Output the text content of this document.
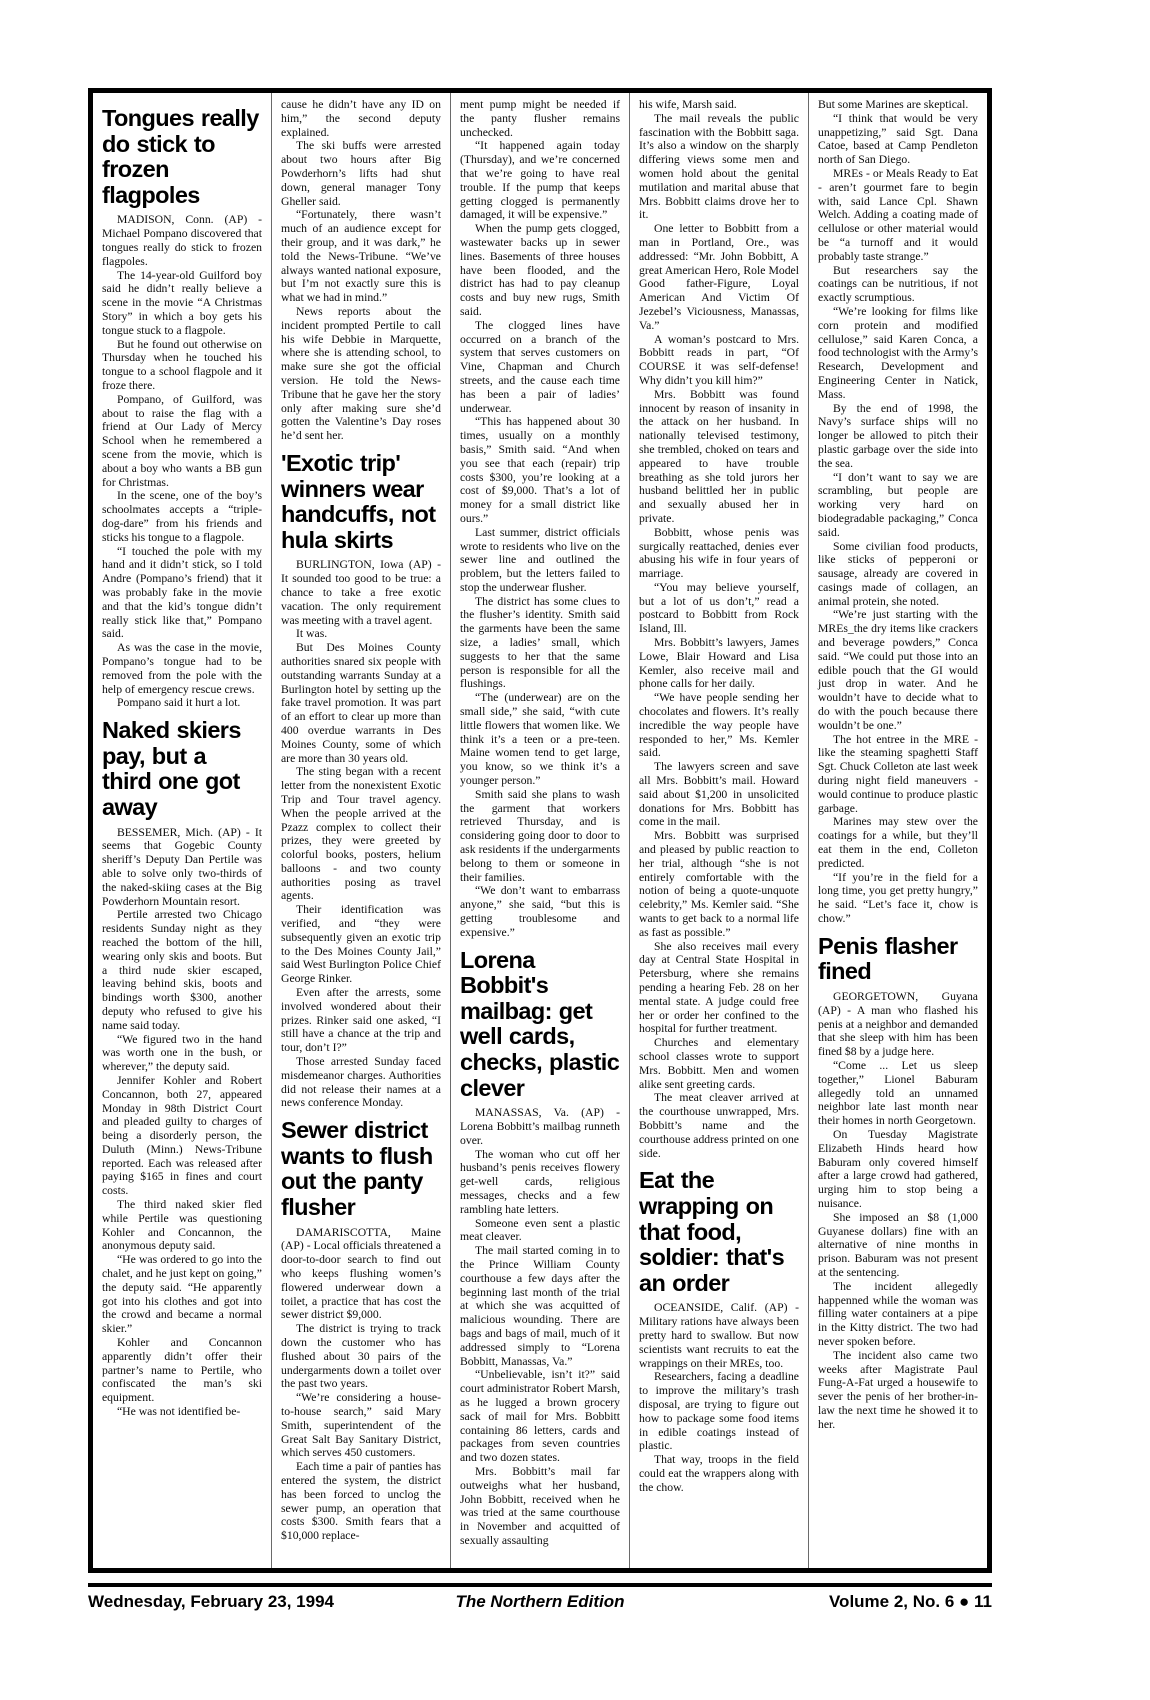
Tongues really do stick to frozen flagpoles

MADISON, Conn. (AP) - Michael Pompano discovered that tongues really do stick to frozen flagpoles.

The 14-year-old Guilford boy said he didn’t really believe a scene in the movie “A Christmas Story” in which a boy gets his tongue stuck to a flagpole.

But he found out otherwise on Thursday when he touched his tongue to a school flagpole and it froze there.

Pompano, of Guilford, was about to raise the flag with a friend at Our Lady of Mercy School when he remembered a scene from the movie, which is about a boy who wants a BB gun for Christmas.

In the scene, one of the boy’s schoolmates accepts a “triple-dog-dare” from his friends and sticks his tongue to a flagpole.

“I touched the pole with my hand and it didn’t stick, so I told Andre (Pompano’s friend) that it was probably fake in the movie and that the kid’s tongue didn’t really stick like that,” Pompano said.

As was the case in the movie, Pompano’s tongue had to be removed from the pole with the help of emergency rescue crews.

Pompano said it hurt a lot.

Naked skiers pay, but a third one got away

BESSEMER, Mich. (AP) - It seems that Gogebic County sheriff’s Deputy Dan Pertile was able to solve only two-thirds of the naked-skiing cases at the Big Powderhorn Mountain resort.

Pertile arrested two Chicago residents Sunday night as they reached the bottom of the hill, wearing only skis and boots. But a third nude skier escaped, leaving behind skis, boots and bindings worth $300, another deputy who refused to give his name said today.

“We figured two in the hand was worth one in the bush, or wherever,” the deputy said.

Jennifer Kohler and Robert Concannon, both 27, appeared Monday in 98th District Court and pleaded guilty to charges of being a disorderly person, the Duluth (Minn.) News-Tribune reported. Each was released after paying $165 in fines and court costs.

The third naked skier fled while Pertile was questioning Kohler and Concannon, the anonymous deputy said.

“He was ordered to go into the chalet, and he just kept on going,” the deputy said. “He apparently got into his clothes and got into the crowd and became a normal skier.”

Kohler and Concannon apparently didn’t offer their partner’s name to Pertile, who confiscated the man’s ski equipment.

“He was not identified be-

cause he didn’t have any ID on him,” the second deputy explained.

The ski buffs were arrested about two hours after Big Powderhorn’s lifts had shut down, general manager Tony Gheller said.

“Fortunately, there wasn’t much of an audience except for their group, and it was dark,” he told the News-Tribune. “We’ve always wanted national exposure, but I’m not exactly sure this is what we had in mind.”

News reports about the incident prompted Pertile to call his wife Debbie in Marquette, where she is attending school, to make sure she got the official version. He told the News-Tribune that he gave her the story only after making sure she’d gotten the Valentine’s Day roses he’d sent her.

'Exotic trip' winners wear handcuffs, not hula skirts

BURLINGTON, Iowa (AP) - It sounded too good to be true: a chance to take a free exotic vacation. The only requirement was meeting with a travel agent.

It was.

But Des Moines County authorities snared six people with outstanding warrants Sunday at a Burlington hotel by setting up the fake travel promotion. It was part of an effort to clear up more than 400 overdue warrants in Des Moines County, some of which are more than 30 years old.

The sting began with a recent letter from the nonexistent Exotic Trip and Tour travel agency. When the people arrived at the Pzazz complex to collect their prizes, they were greeted by colorful books, posters, helium balloons - and two county authorities posing as travel agents.

Their identification was verified, and “they were subsequently given an exotic trip to the Des Moines County Jail,” said West Burlington Police Chief George Rinker.

Even after the arrests, some involved wondered about their prizes. Rinker said one asked, “I still have a chance at the trip and tour, don’t I?”

Those arrested Sunday faced misdemeanor charges. Authorities did not release their names at a news conference Monday.

Sewer district wants to flush out the panty flusher

DAMARISCOTTA, Maine (AP) - Local officials threatened a door-to-door search to find out who keeps flushing women’s flowered underwear down a toilet, a practice that has cost the sewer district $9,000.

The district is trying to track down the customer who has flushed about 30 pairs of the undergarments down a toilet over the past two years.

“We’re considering a house-to-house search,” said Mary Smith, superintendent of the Great Salt Bay Sanitary District, which serves 450 customers.

Each time a pair of panties has entered the system, the district has been forced to unclog the sewer pump, an operation that costs $300. Smith fears that a $10,000 replace-

ment pump might be needed if the panty flusher remains unchecked.

“It happened again today (Thursday), and we’re concerned that we’re going to have real trouble. If the pump that keeps getting clogged is permanently damaged, it will be expensive.”

When the pump gets clogged, wastewater backs up in sewer lines. Basements of three houses have been flooded, and the district has had to pay cleanup costs and buy new rugs, Smith said.

The clogged lines have occurred on a branch of the system that serves customers on Vine, Chapman and Church streets, and the cause each time has been a pair of ladies’ underwear.

“This has happened about 30 times, usually on a monthly basis,” Smith said. “And when you see that each (repair) trip costs $300, you’re looking at a cost of $9,000. That’s a lot of money for a small district like ours.”

Last summer, district officials wrote to residents who live on the sewer line and outlined the problem, but the letters failed to stop the underwear flusher.

The district has some clues to the flusher’s identity. Smith said the garments have been the same size, a ladies’ small, which suggests to her that the same person is responsible for all the flushings.

“The (underwear) are on the small side,” she said, “with cute little flowers that women like. We think it’s a teen or a pre-teen. Maine women tend to get large, you know, so we think it’s a younger person.”

Smith said she plans to wash the garment that workers retrieved Thursday, and is considering going door to door to ask residents if the undergarments belong to them or someone in their families.

“We don’t want to embarrass anyone,” she said, “but this is getting troublesome and expensive.”

Lorena Bobbit's mailbag: get well cards, checks, plastic clever

MANASSAS, Va. (AP) - Lorena Bobbitt’s mailbag runneth over.

The woman who cut off her husband’s penis receives flowery get-well cards, religious messages, checks and a few rambling hate letters.

Someone even sent a plastic meat cleaver.

The mail started coming in to the Prince William County courthouse a few days after the beginning last month of the trial at which she was acquitted of malicious wounding. There are bags and bags of mail, much of it addressed simply to “Lorena Bobbitt, Manassas, Va.”

“Unbelievable, isn’t it?” said court administrator Robert Marsh, as he lugged a brown grocery sack of mail for Mrs. Bobbitt containing 86 letters, cards and packages from seven countries and two dozen states.

Mrs. Bobbitt’s mail far outweighs what her husband, John Bobbitt, received when he was tried at the same courthouse in November and acquitted of sexually assaulting

his wife, Marsh said.

The mail reveals the public fascination with the Bobbitt saga. It’s also a window on the sharply differing views some men and women hold about the genital mutilation and marital abuse that Mrs. Bobbitt claims drove her to it.

One letter to Bobbitt from a man in Portland, Ore., was addressed: “Mr. John Bobbitt, A great American Hero, Role Model Good father-Figure, Loyal American And Victim Of Jezebel’s Viciousness, Manassas, Va.”

A woman’s postcard to Mrs. Bobbitt reads in part, “Of COURSE it was self-defense! Why didn’t you kill him?”

Mrs. Bobbitt was found innocent by reason of insanity in the attack on her husband. In nationally televised testimony, she trembled, choked on tears and appeared to have trouble breathing as she told jurors her husband belittled her in public and sexually abused her in private.

Bobbitt, whose penis was surgically reattached, denies ever abusing his wife in four years of marriage.

“You may believe yourself, but a lot of us don’t,” read a postcard to Bobbitt from Rock Island, Ill.

Mrs. Bobbitt’s lawyers, James Lowe, Blair Howard and Lisa Kemler, also receive mail and phone calls for her daily.

“We have people sending her chocolates and flowers. It’s really incredible the way people have responded to her,” Ms. Kemler said.

The lawyers screen and save all Mrs. Bobbitt’s mail. Howard said about $1,200 in unsolicited donations for Mrs. Bobbitt has come in the mail.

Mrs. Bobbitt was surprised and pleased by public reaction to her trial, although “she is not entirely comfortable with the notion of being a quote-unquote celebrity,” Ms. Kemler said. “She wants to get back to a normal life as fast as possible.”

She also receives mail every day at Central State Hospital in Petersburg, where she remains pending a hearing Feb. 28 on her mental state. A judge could free her or order her confined to the hospital for further treatment.

Churches and elementary school classes wrote to support Mrs. Bobbitt. Men and women alike sent greeting cards.

The meat cleaver arrived at the courthouse unwrapped, Mrs. Bobbitt’s name and the courthouse address printed on one side.

Eat the wrapping on that food, soldier: that's an order

OCEANSIDE, Calif. (AP) - Military rations have always been pretty hard to swallow. But now scientists want recruits to eat the wrappings on their MREs, too.

Researchers, facing a deadline to improve the military’s trash disposal, are trying to figure out how to package some food items in edible coatings instead of plastic.

That way, troops in the field could eat the wrappers along with the chow.

But some Marines are skeptical.

“I think that would be very unappetizing,” said Sgt. Dana Catoe, based at Camp Pendleton north of San Diego.

MREs - or Meals Ready to Eat - aren’t gourmet fare to begin with, said Lance Cpl. Shawn Welch. Adding a coating made of cellulose or other material would be “a turnoff and it would probably taste strange.”

But researchers say the coatings can be nutritious, if not exactly scrumptious.

“We’re looking for films like corn protein and modified cellulose,” said Karen Conca, a food technologist with the Army’s Research, Development and Engineering Center in Natick, Mass.

By the end of 1998, the Navy’s surface ships will no longer be allowed to pitch their plastic garbage over the side into the sea.

“I don’t want to say we are scrambling, but people are working very hard on biodegradable packaging,” Conca said.

Some civilian food products, like sticks of pepperoni or sausage, already are covered in casings made of collagen, an animal protein, she noted.

“We’re just starting with the MREs_the dry items like crackers and beverage powders,” Conca said. “We could put those into an edible pouch that the GI would just drop in water. And he wouldn’t have to decide what to do with the pouch because there wouldn’t be one.”

The hot entree in the MRE - like the steaming spaghetti Staff Sgt. Chuck Colleton ate last week during night field maneuvers - would continue to produce plastic garbage.

Marines may stew over the coatings for a while, but they’ll eat them in the end, Colleton predicted.

“If you’re in the field for a long time, you get pretty hungry,” he said. “Let’s face it, chow is chow.”

Penis flasher fined

GEORGETOWN, Guyana (AP) - A man who flashed his penis at a neighbor and demanded that she sleep with him has been fined $8 by a judge here.

“Come ... Let us sleep together,” Lionel Baburam allegedly told an unnamed neighbor late last month near their homes in north Georgetown.

On Tuesday Magistrate Elizabeth Hinds heard how Baburam only covered himself after a large crowd had gathered, urging him to stop being a nuisance.

She imposed an $8 (1,000 Guyanese dollars) fine with an alternative of nine months in prison. Baburam was not present at the sentencing.

The incident allegedly happenned while the woman was filling water containers at a pipe in the Kitty district. The two had never spoken before.

The incident also came two weeks after Magistrate Paul Fung-A-Fat urged a housewife to sever the penis of her brother-in-law the next time he showed it to her.

Wednesday, February 23, 1994	The Northern Edition	Volume 2, No. 6 ● 11
